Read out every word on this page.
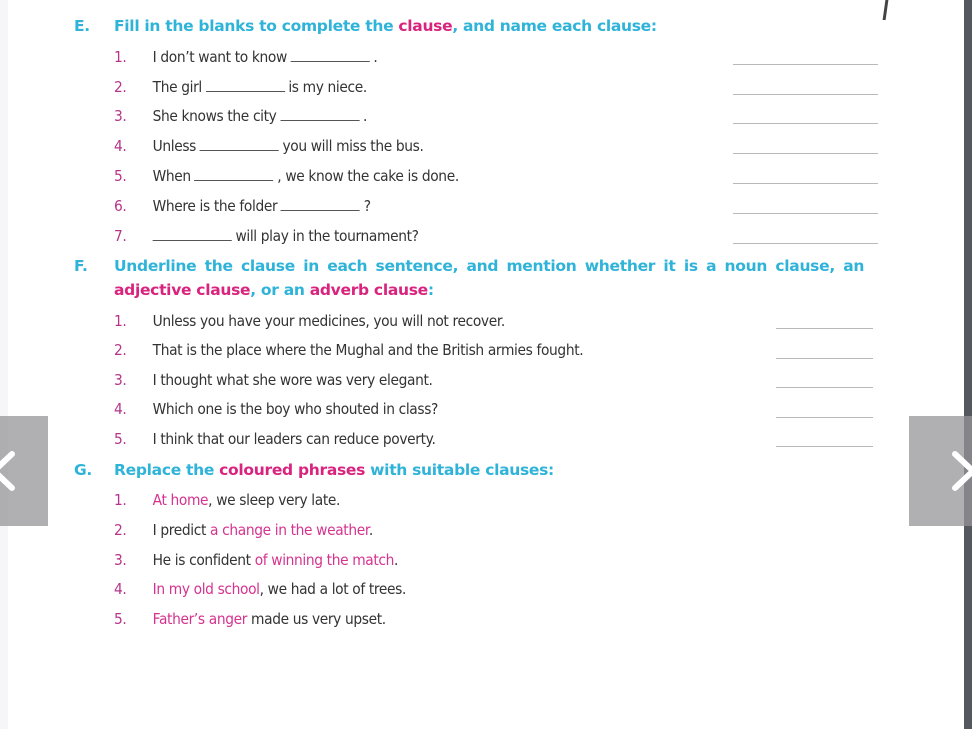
E. Fill in the blanks to complete the clause, and name each clause:
1. I don’t want to know	.
2. The girl	is my niece.
3. She knows the city	.
4. Unless	you will miss the bus.
5. When	, we know the cake is done.
6. Where is the folder	?
7.	will play in the tournament?
F. Underline the clause in each sentence, and mention whether it is a noun clause, an
adjective clause, or an adverb clause:
1. Unless you have your medicines, you will not recover.
2. That is the place where the Mughal and the British armies fought.
3. I thought what she wore was very elegant.
4. Which one is the boy who shouted in class?
5. I think that our leaders can reduce poverty.
G. Replace the coloured phrases with suitable clauses:
1. At home, we sleep very late.
2. I predict a change in the weather.
3. He is confident of winning the match.
4. In my old school, we had a lot of trees.
5. Father’s anger made us very upset.
